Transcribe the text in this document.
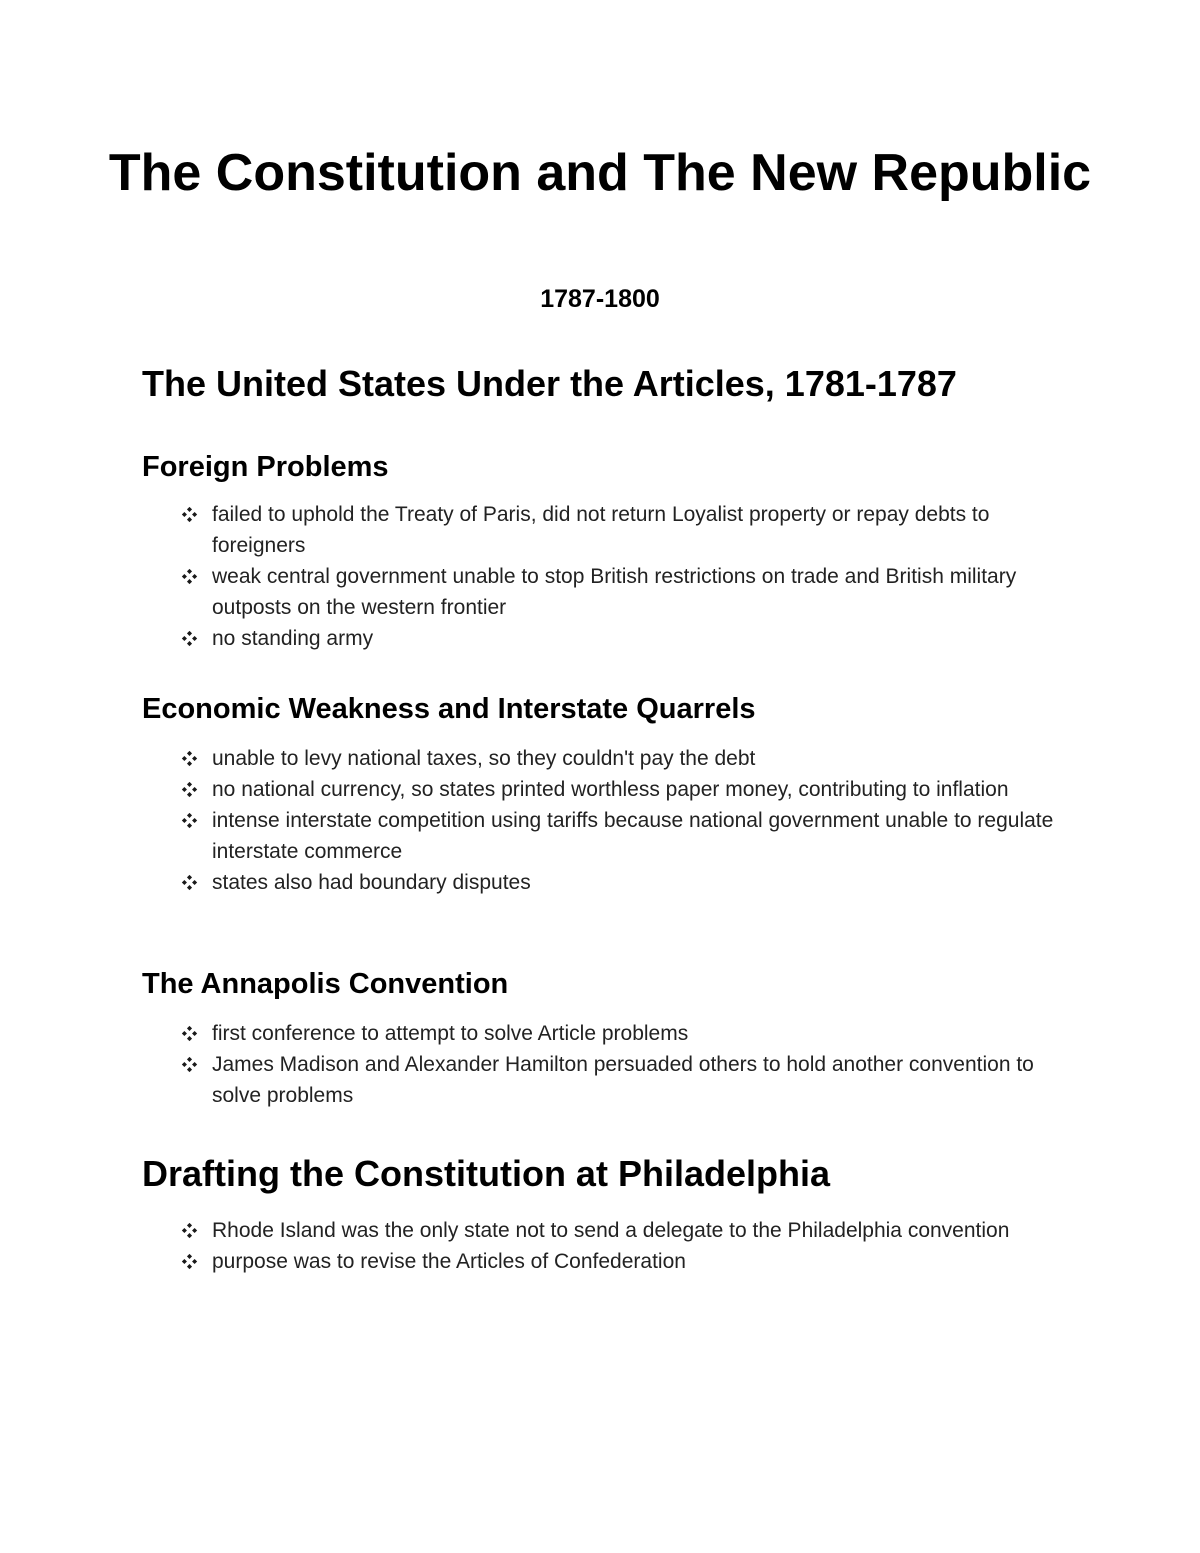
The Constitution and The New Republic
1787-1800
The United States Under the Articles, 1781-1787
Foreign Problems
failed to uphold the Treaty of Paris, did not return Loyalist property or repay debts to foreigners
weak central government unable to stop British restrictions on trade and British military outposts on the western frontier
no standing army
Economic Weakness and Interstate Quarrels
unable to levy national taxes, so they couldn't pay the debt
no national currency, so states printed worthless paper money, contributing to inflation
intense interstate competition using tariffs because national government unable to regulate interstate commerce
states also had boundary disputes
The Annapolis Convention
first conference to attempt to solve Article problems
James Madison and Alexander Hamilton persuaded others to hold another convention to solve problems
Drafting the Constitution at Philadelphia
Rhode Island was the only state not to send a delegate to the Philadelphia convention
purpose was to revise the Articles of Confederation
